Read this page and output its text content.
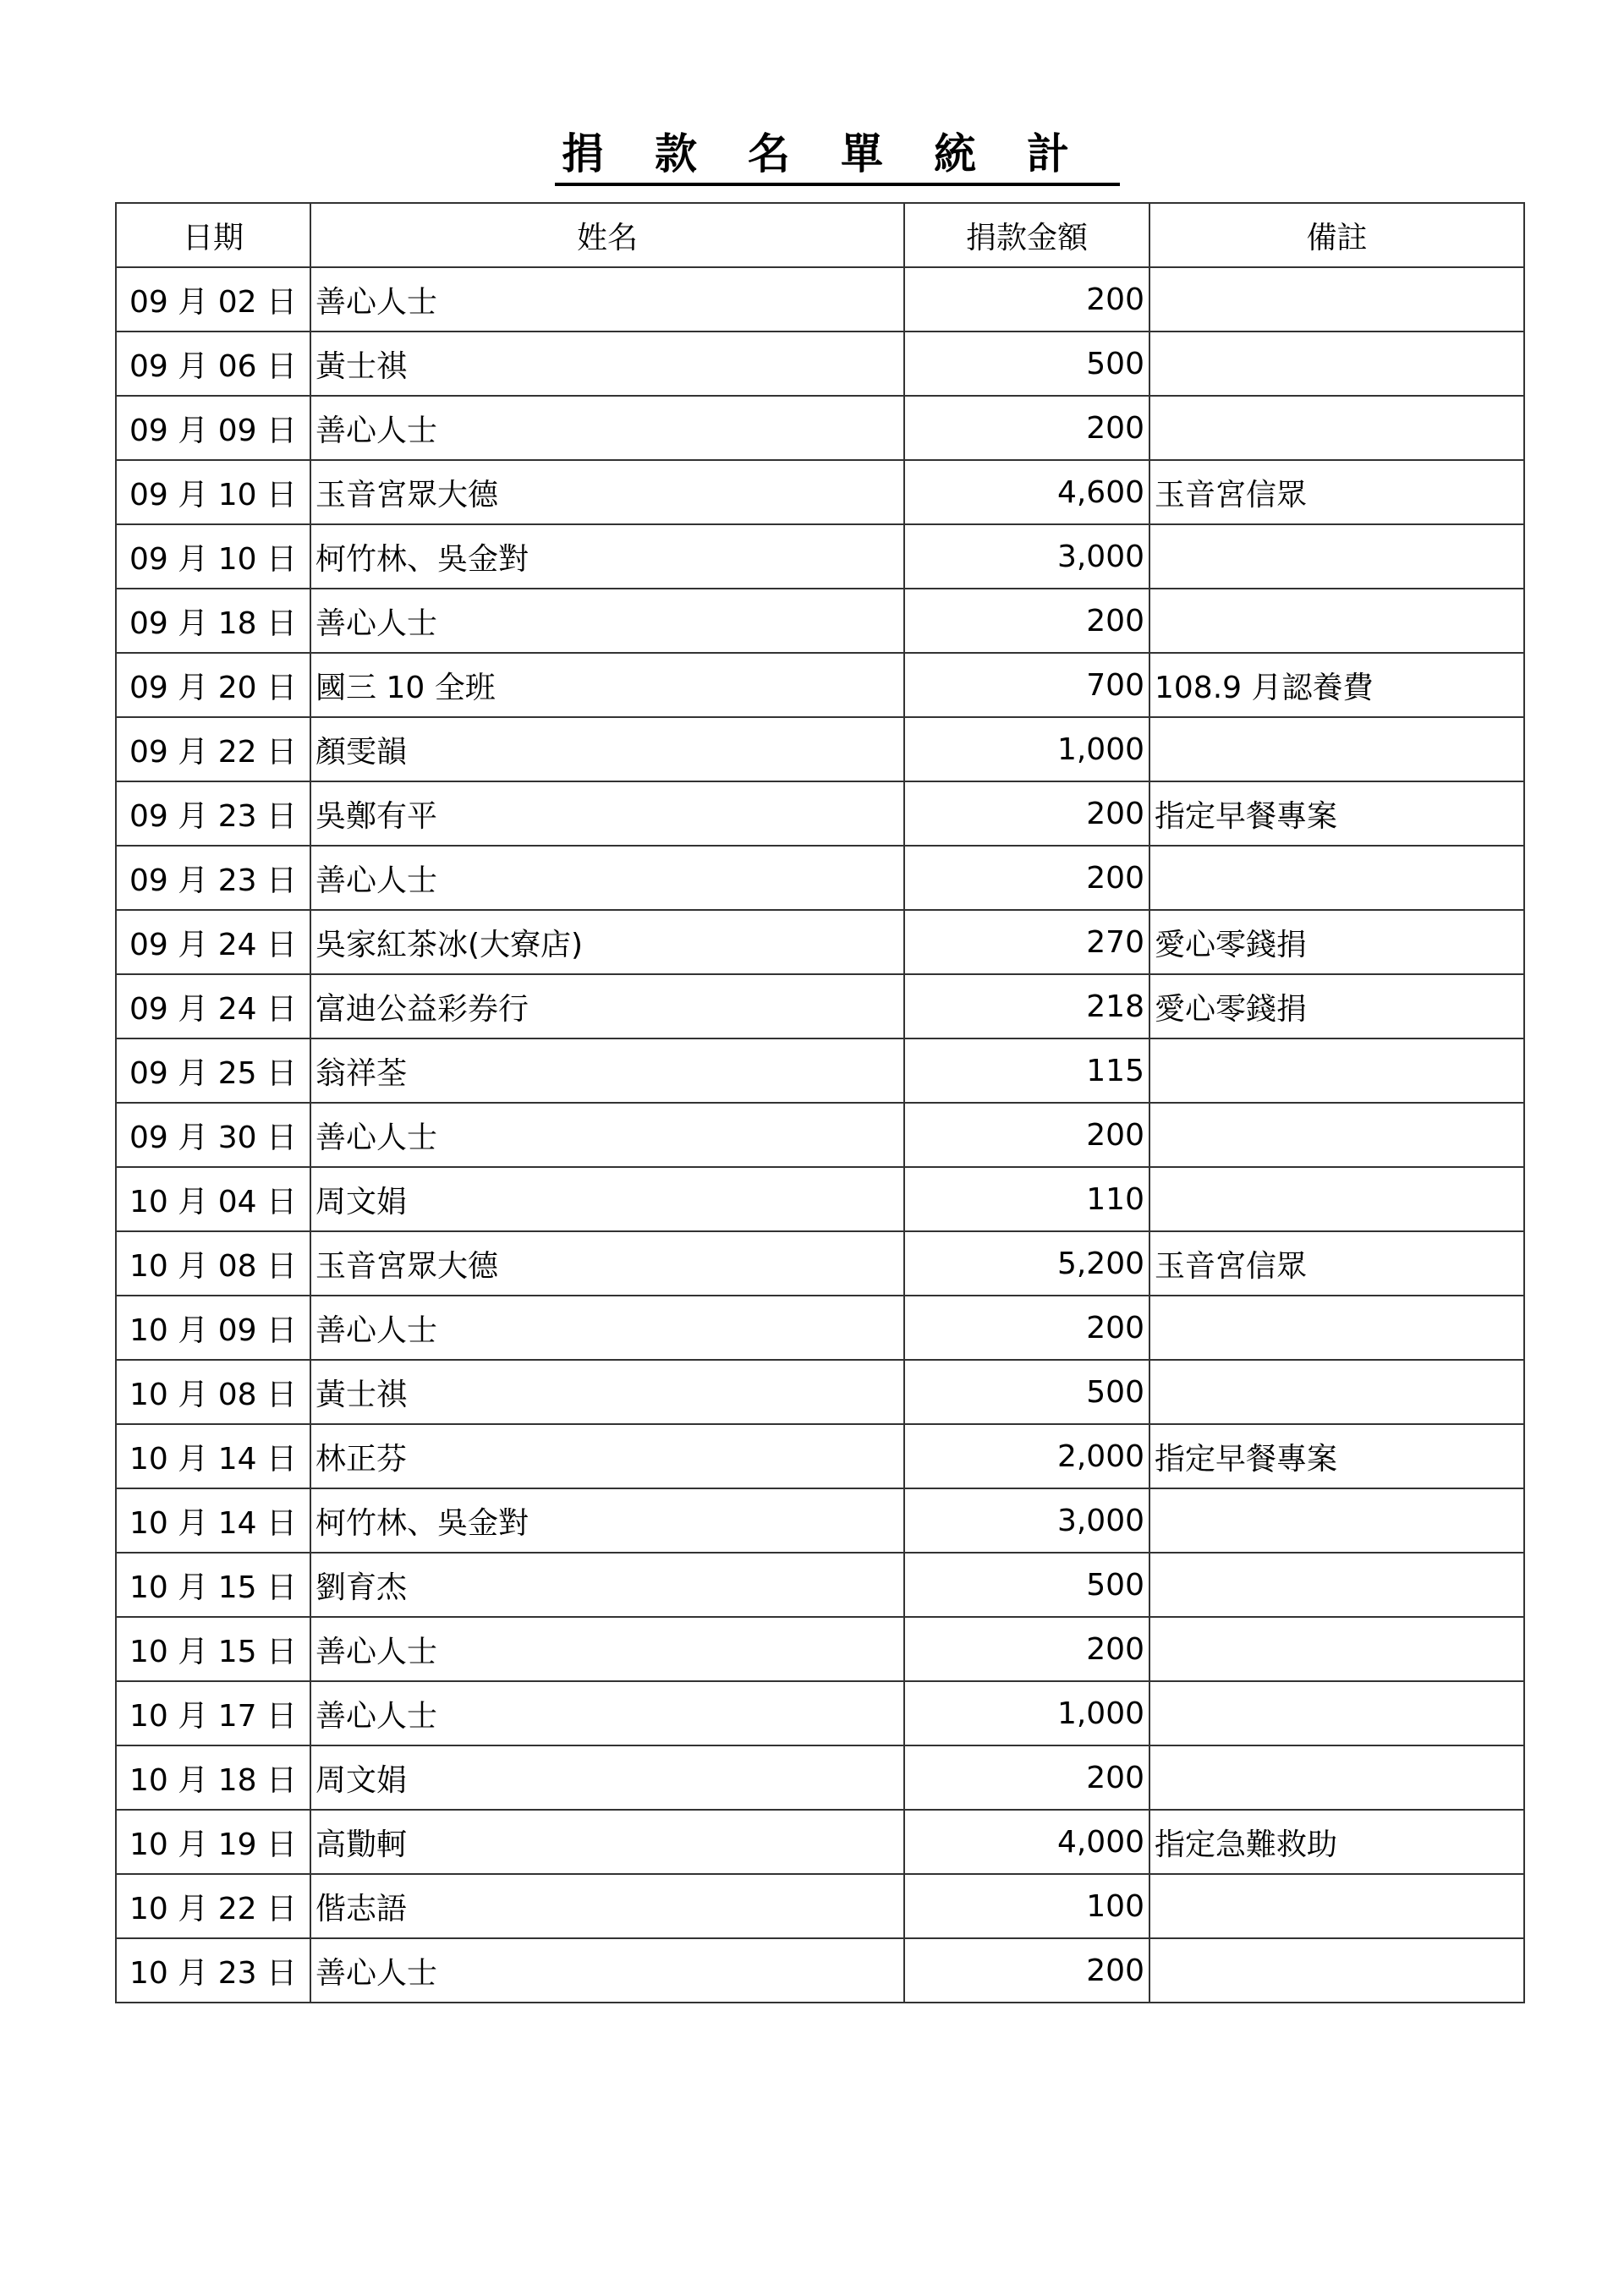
捐款名單統計
日期	姓名	捐款金額	備註
09 月 02 日	善心人士	200	
09 月 06 日	黃士祺	500	
09 月 09 日	善心人士	200	
09 月 10 日	玉音宮眾大德	4,600	玉音宮信眾
09 月 10 日	柯竹林、吳金對	3,000	
09 月 18 日	善心人士	200	
09 月 20 日	國三 10 全班	700	108.9 月認養費
09 月 22 日	顏雯韻	1,000	
09 月 23 日	吳鄭有平	200	指定早餐專案
09 月 23 日	善心人士	200	
09 月 24 日	吳家紅茶冰(大寮店)	270	愛心零錢捐
09 月 24 日	富迪公益彩券行	218	愛心零錢捐
09 月 25 日	翁祥荃	115	
09 月 30 日	善心人士	200	
10 月 04 日	周文娟	110	
10 月 08 日	玉音宮眾大德	5,200	玉音宮信眾
10 月 09 日	善心人士	200	
10 月 08 日	黃士祺	500	
10 月 14 日	林正芬	2,000	指定早餐專案
10 月 14 日	柯竹林、吳金對	3,000	
10 月 15 日	劉育杰	500	
10 月 15 日	善心人士	200	
10 月 17 日	善心人士	1,000	
10 月 18 日	周文娟	200	
10 月 19 日	高勩軻	4,000	指定急難救助
10 月 22 日	偕志語	100	
10 月 23 日	善心人士	200	
